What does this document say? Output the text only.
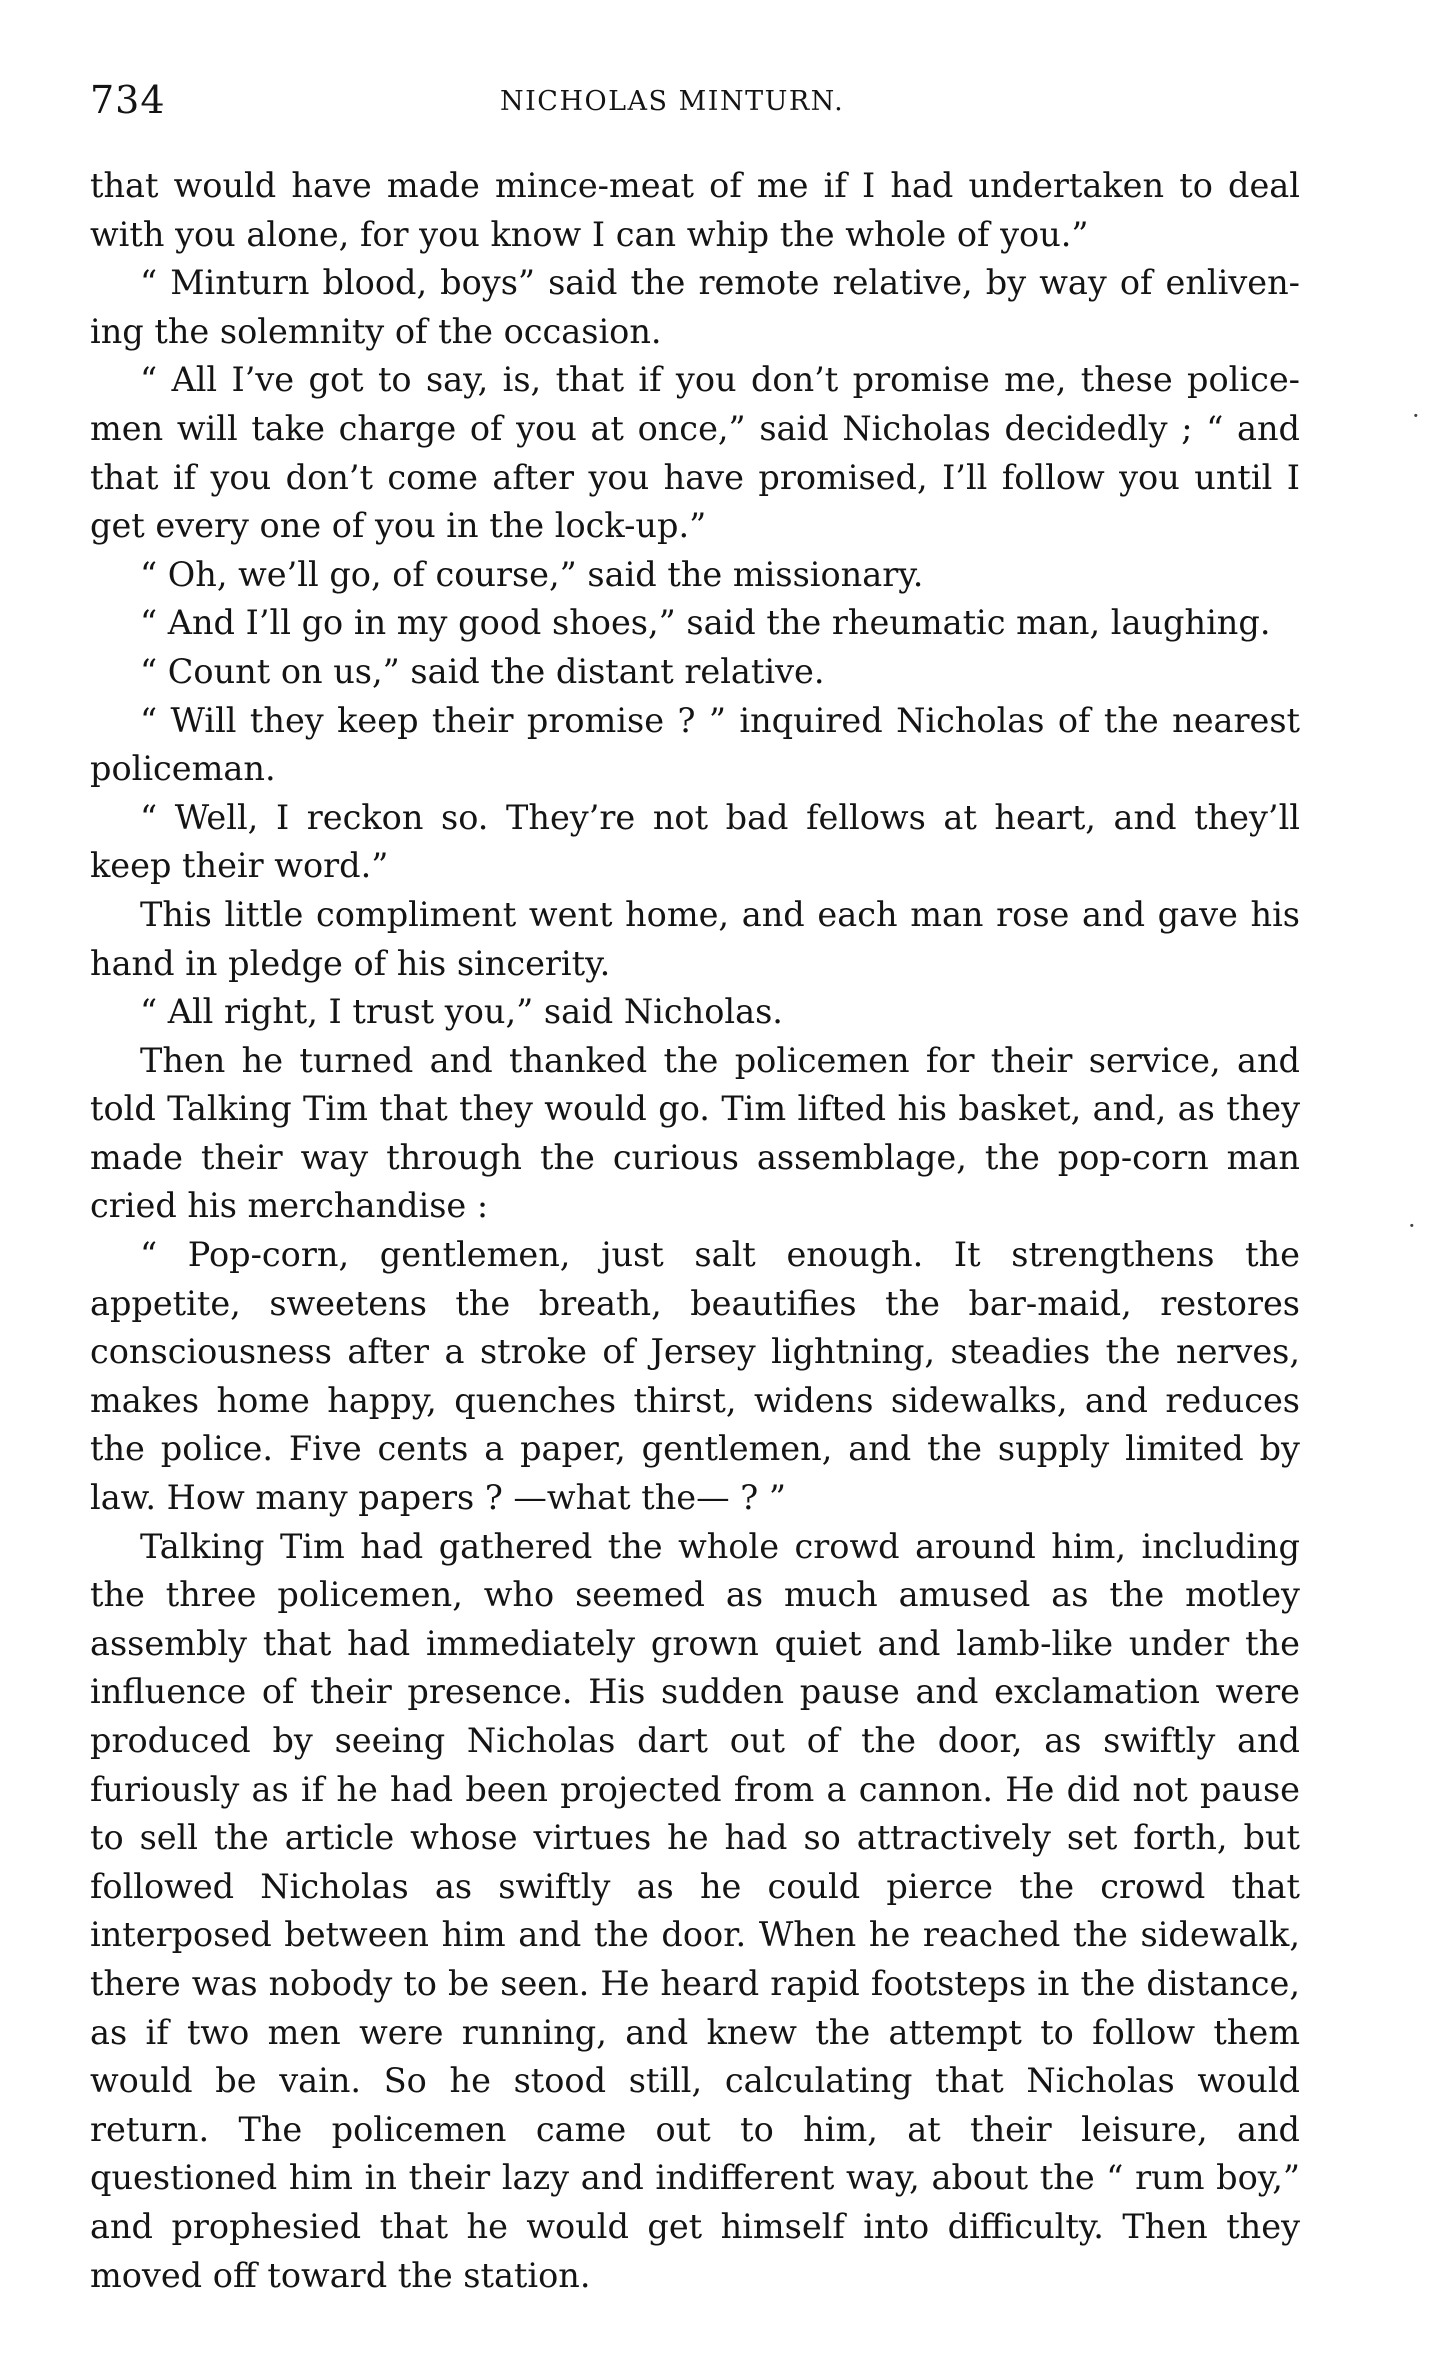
734	NICHOLAS MINTURN.

that would have made mince-meat of me if I had undertaken to deal with you alone, for you know I can whip the whole of you.”

“ Minturn blood, boys” said the remote relative, by way of enlivening the solemnity of the occasion.

“ All I’ve got to say, is, that if you don’t promise me, these policemen will take charge of you at once,” said Nicholas decidedly ; “ and that if you don’t come after you have promised, I’ll follow you until I get every one of you in the lock-up.”

“ Oh, we’ll go, of course,” said the missionary.

“ And I’ll go in my good shoes,” said the rheumatic man, laughing.

“ Count on us,” said the distant relative.

“ Will they keep their promise ? ” inquired Nicholas of the nearest policeman.

“ Well, I reckon so. They’re not bad fellows at heart, and they’ll keep their word.”

This little compliment went home, and each man rose and gave his hand in pledge of his sincerity.

“ All right, I trust you,” said Nicholas.

Then he turned and thanked the policemen for their service, and told Talking Tim that they would go. Tim lifted his basket, and, as they made their way through the curious assemblage, the pop-corn man cried his merchandise :

“ Pop-corn, gentlemen, just salt enough. It strengthens the appetite, sweetens the breath, beautifies the bar-maid, restores consciousness after a stroke of Jersey lightning, steadies the nerves, makes home happy, quenches thirst, widens sidewalks, and reduces the police. Five cents a paper, gentlemen, and the supply limited by law. How many papers ? —what the— ? ”

Talking Tim had gathered the whole crowd around him, including the three policemen, who seemed as much amused as the motley assembly that had immediately grown quiet and lamb-like under the influence of their presence. His sudden pause and exclamation were produced by seeing Nicholas dart out of the door, as swiftly and furiously as if he had been projected from a cannon. He did not pause to sell the article whose virtues he had so attractively set forth, but followed Nicholas as swiftly as he could pierce the crowd that interposed between him and the door. When he reached the sidewalk, there was nobody to be seen. He heard rapid footsteps in the distance, as if two men were running, and knew the attempt to follow them would be vain. So he stood still, calculating that Nicholas would return. The policemen came out to him, at their leisure, and questioned him in their lazy and indifferent way, about the “ rum boy,” and prophesied that he would get himself into difficulty. Then they moved off toward the station.

·
·
